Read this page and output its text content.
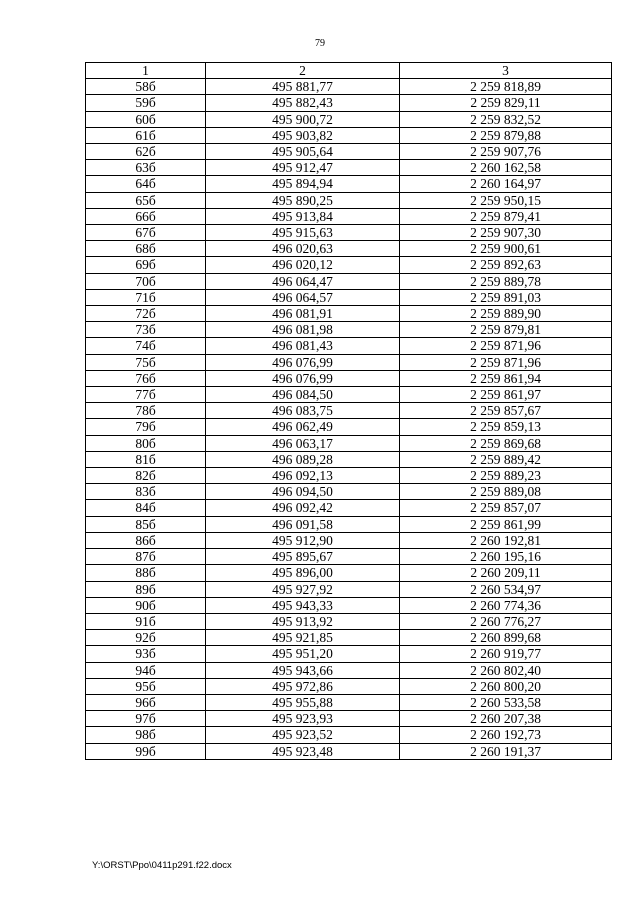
79
1	2	3
58б	495 881,77	2 259 818,89
59б	495 882,43	2 259 829,11
60б	495 900,72	2 259 832,52
61б	495 903,82	2 259 879,88
62б	495 905,64	2 259 907,76
63б	495 912,47	2 260 162,58
64б	495 894,94	2 260 164,97
65б	495 890,25	2 259 950,15
66б	495 913,84	2 259 879,41
67б	495 915,63	2 259 907,30
68б	496 020,63	2 259 900,61
69б	496 020,12	2 259 892,63
70б	496 064,47	2 259 889,78
71б	496 064,57	2 259 891,03
72б	496 081,91	2 259 889,90
73б	496 081,98	2 259 879,81
74б	496 081,43	2 259 871,96
75б	496 076,99	2 259 871,96
76б	496 076,99	2 259 861,94
77б	496 084,50	2 259 861,97
78б	496 083,75	2 259 857,67
79б	496 062,49	2 259 859,13
80б	496 063,17	2 259 869,68
81б	496 089,28	2 259 889,42
82б	496 092,13	2 259 889,23
83б	496 094,50	2 259 889,08
84б	496 092,42	2 259 857,07
85б	496 091,58	2 259 861,99
86б	495 912,90	2 260 192,81
87б	495 895,67	2 260 195,16
88б	495 896,00	2 260 209,11
89б	495 927,92	2 260 534,97
90б	495 943,33	2 260 774,36
91б	495 913,92	2 260 776,27
92б	495 921,85	2 260 899,68
93б	495 951,20	2 260 919,77
94б	495 943,66	2 260 802,40
95б	495 972,86	2 260 800,20
96б	495 955,88	2 260 533,58
97б	495 923,93	2 260 207,38
98б	495 923,52	2 260 192,73
99б	495 923,48	2 260 191,37
Y:\ORST\Ppo\0411p291.f22.docx
